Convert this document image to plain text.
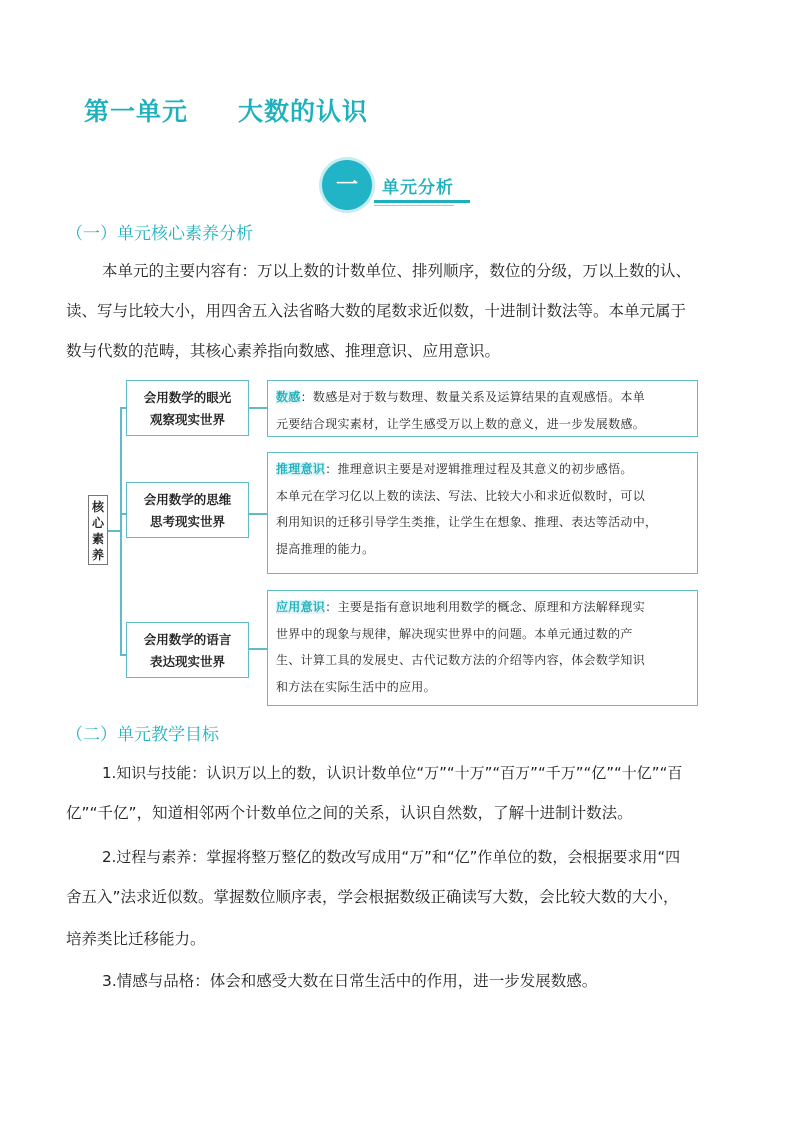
第一单元 大数的认识
一	单元分析
（一）单元核心素养分析
本单元的主要内容有：万以上数的计数单位、排列顺序，数位的分级，万以上数的认、
读、写与比较大小，用四舍五入法省略大数的尾数求近似数，十进制计数法等。本单元属于
数与代数的范畴，其核心素养指向数感、推理意识、应用意识。
核心素养
会用数学的眼光
观察现实世界
会用数学的思维
思考现实世界
会用数学的语言
表达现实世界
数感：数感是对于数与数理、数量关系及运算结果的直观感悟。本单
元要结合现实素材，让学生感受万以上数的意义，进一步发展数感。
推理意识：推理意识主要是对逻辑推理过程及其意义的初步感悟。
本单元在学习亿以上数的读法、写法、比较大小和求近似数时，可以
利用知识的迁移引导学生类推，让学生在想象、推理、表达等活动中，
提高推理的能力。
应用意识：主要是指有意识地利用数学的概念、原理和方法解释现实
世界中的现象与规律，解决现实世界中的问题。本单元通过数的产
生、计算工具的发展史、古代记数方法的介绍等内容，体会数学知识
和方法在实际生活中的应用。
（二）单元教学目标
1.知识与技能：认识万以上的数，认识计数单位“万”“十万”“百万”“千万”“亿”“十亿”“百
亿”“千亿”，知道相邻两个计数单位之间的关系，认识自然数，了解十进制计数法。
2.过程与素养：掌握将整万整亿的数改写成用“万”和“亿”作单位的数，会根据要求用“四
舍五入”法求近似数。掌握数位顺序表，学会根据数级正确读写大数，会比较大数的大小，
培养类比迁移能力。
3.情感与品格：体会和感受大数在日常生活中的作用，进一步发展数感。
